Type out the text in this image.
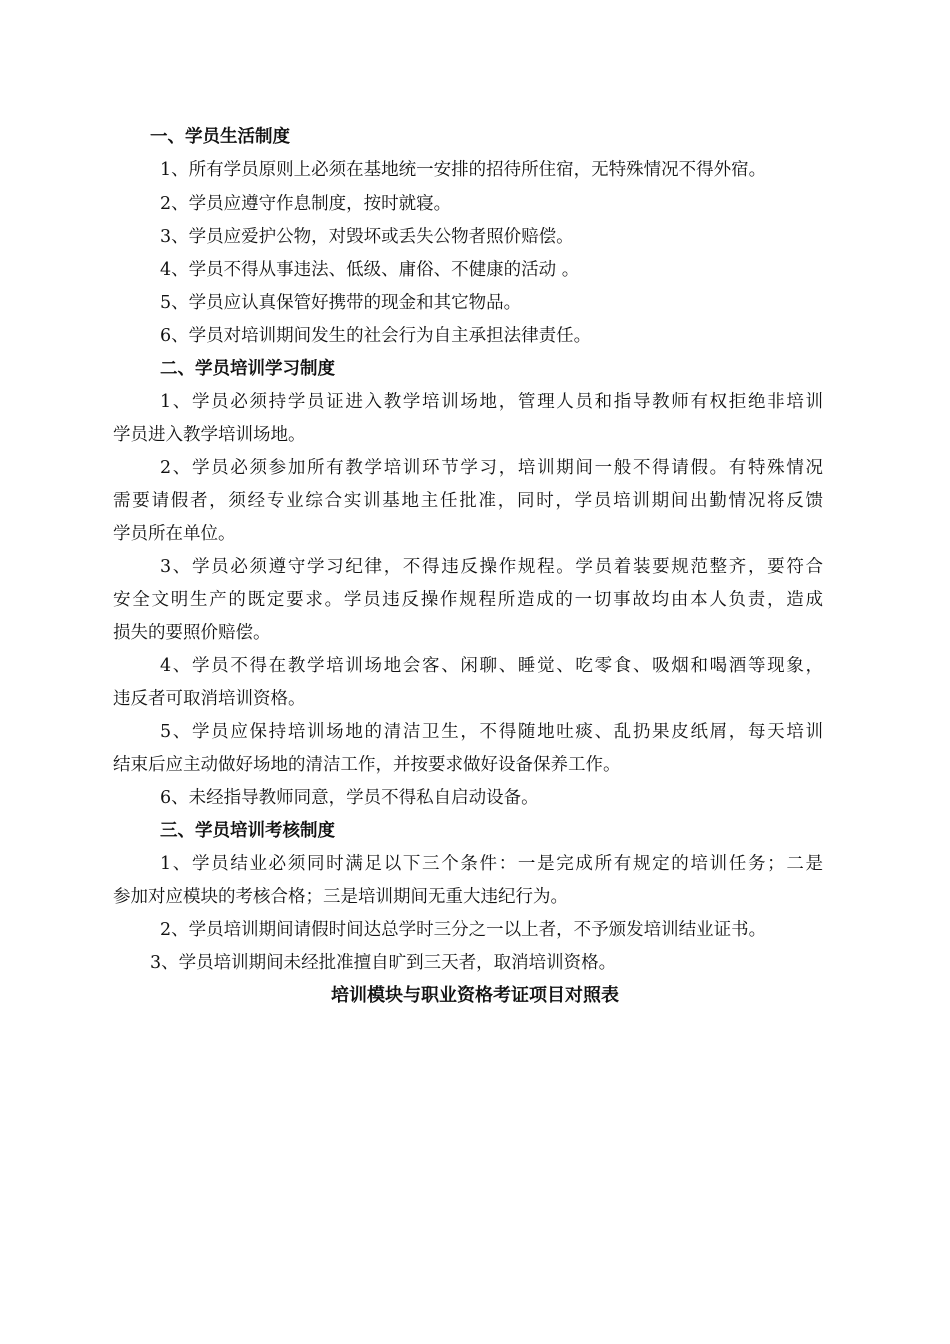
一、学员生活制度
1、所有学员原则上必须在基地统一安排的招待所住宿，无特殊情况不得外宿。
2、学员应遵守作息制度，按时就寝。
3、学员应爱护公物，对毁坏或丢失公物者照价赔偿。
4、学员不得从事违法、低级、庸俗、不健康的活动 。
5、学员应认真保管好携带的现金和其它物品。
6、学员对培训期间发生的社会行为自主承担法律责任。
二、学员培训学习制度
1、学员必须持学员证进入教学培训场地，管理人员和指导教师有权拒绝非培训
学员进入教学培训场地。
2、学员必须参加所有教学培训环节学习，培训期间一般不得请假。有特殊情况
需要请假者，须经专业综合实训基地主任批准，同时，学员培训期间出勤情况将反馈
学员所在单位。
3、学员必须遵守学习纪律，不得违反操作规程。学员着装要规范整齐，要符合
安全文明生产的既定要求。学员违反操作规程所造成的一切事故均由本人负责，造成
损失的要照价赔偿。
4、学员不得在教学培训场地会客、闲聊、睡觉、吃零食、吸烟和喝酒等现象，
违反者可取消培训资格。
5、学员应保持培训场地的清洁卫生，不得随地吐痰、乱扔果皮纸屑，每天培训
结束后应主动做好场地的清洁工作，并按要求做好设备保养工作。
6、未经指导教师同意，学员不得私自启动设备。
三、学员培训考核制度
1、学员结业必须同时满足以下三个条件：一是完成所有规定的培训任务；二是
参加对应模块的考核合格；三是培训期间无重大违纪行为。
2、学员培训期间请假时间达总学时三分之一以上者，不予颁发培训结业证书。
3、学员培训期间未经批准擅自旷到三天者，取消培训资格。
培训模块与职业资格考证项目对照表
